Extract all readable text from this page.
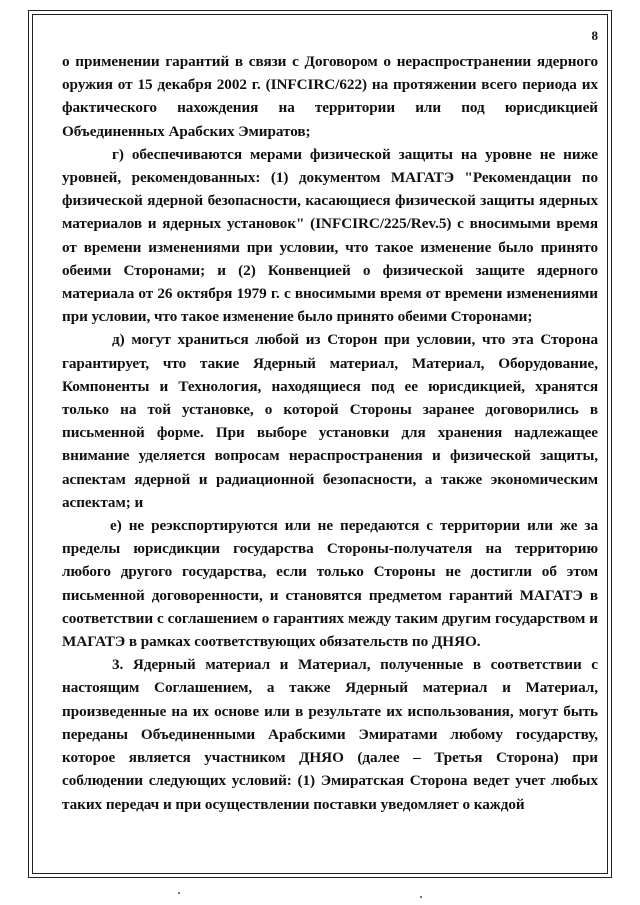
8

о применении гарантий в связи с Договором о нераспространении ядерного оружия от 15 декабря 2002 г. (INFCIRC/622) на протяжении всего периода их фактического нахождения на территории или под юрисдикцией Объединенных Арабских Эмиратов;

г) обеспечиваются мерами физической защиты на уровне не ниже уровней, рекомендованных: (1) документом МАГАТЭ "Рекомендации по физической ядерной безопасности, касающиеся физической защиты ядерных материалов и ядерных установок" (INFCIRC/225/Rev.5) с вносимыми время от времени изменениями при условии, что такое изменение было принято обеими Сторонами; и (2) Конвенцией о физической защите ядерного материала от 26 октября 1979 г. с вносимыми время от времени изменениями при условии, что такое изменение было принято обеими Сторонами;

д) могут храниться любой из Сторон при условии, что эта Сторона гарантирует, что такие Ядерный материал, Материал, Оборудование, Компоненты и Технология, находящиеся под ее юрисдикцией, хранятся только на той установке, о которой Стороны заранее договорились в письменной форме. При выборе установки для хранения надлежащее внимание уделяется вопросам нераспространения и физической защиты, аспектам ядерной и радиационной безопасности, а также экономическим аспектам; и

е) не реэкспортируются или не передаются с территории или же за пределы юрисдикции государства Стороны-получателя на территорию любого другого государства, если только Стороны не достигли об этом письменной договоренности, и становятся предметом гарантий МАГАТЭ в соответствии с соглашением о гарантиях между таким другим государством и МАГАТЭ в рамках соответствующих обязательств по ДНЯО.

3. Ядерный материал и Материал, полученные в соответствии с настоящим Соглашением, а также Ядерный материал и Материал, произведенные на их основе или в результате их использования, могут быть переданы Объединенными Арабскими Эмиратами любому государству, которое является участником ДНЯО (далее – Третья Сторона) при соблюдении следующих условий: (1) Эмиратская Сторона ведет учет любых таких передач и при осуществлении поставки уведомляет о каждой
